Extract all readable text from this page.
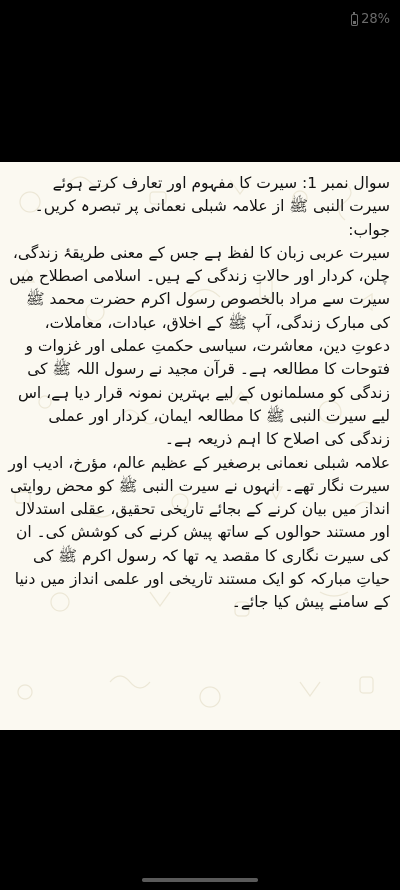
28%

سوال نمبر 1: سیرت کا مفہوم اور تعارف کرتے ہوئے سیرت النبی ﷺ از علامہ شبلی نعمانی پر تبصرہ کریں۔

جواب:

سیرت عربی زبان کا لفظ ہے جس کے معنی طریقۂ زندگی، چلن، کردار اور حالاتِ زندگی کے ہیں۔ اسلامی اصطلاح میں سیرت سے مراد بالخصوص رسول اکرم حضرت محمد ﷺ کی مبارک زندگی، آپ ﷺ کے اخلاق، عبادات، معاملات، دعوتِ دین، معاشرت، سیاسی حکمتِ عملی اور غزوات و فتوحات کا مطالعہ ہے۔ قرآن مجید نے رسول اللہ ﷺ کی زندگی کو مسلمانوں کے لیے بہترین نمونہ قرار دیا ہے، اس لیے سیرت النبی ﷺ کا مطالعہ ایمان، کردار اور عملی زندگی کی اصلاح کا اہم ذریعہ ہے۔

علامہ شبلی نعمانی برصغیر کے عظیم عالم، مؤرخ، ادیب اور سیرت نگار تھے۔ انہوں نے سیرت النبی ﷺ کو محض روایتی انداز میں بیان کرنے کے بجائے تاریخی تحقیق، عقلی استدلال اور مستند حوالوں کے ساتھ پیش کرنے کی کوشش کی۔ ان کی سیرت نگاری کا مقصد یہ تھا کہ رسول اکرم ﷺ کی حیاتِ مبارکہ کو ایک مستند تاریخی اور علمی انداز میں دنیا کے سامنے پیش کیا جائے۔
